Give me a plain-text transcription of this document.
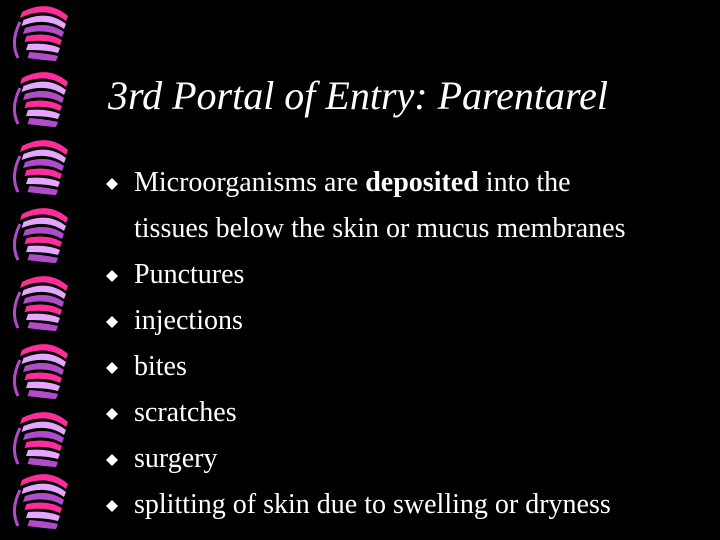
3rd Portal of Entry: Parentarel
Microorganisms are deposited into the
tissues below the skin or mucus membranes
Punctures
injections
bites
scratches
surgery
splitting of skin due to swelling or dryness
